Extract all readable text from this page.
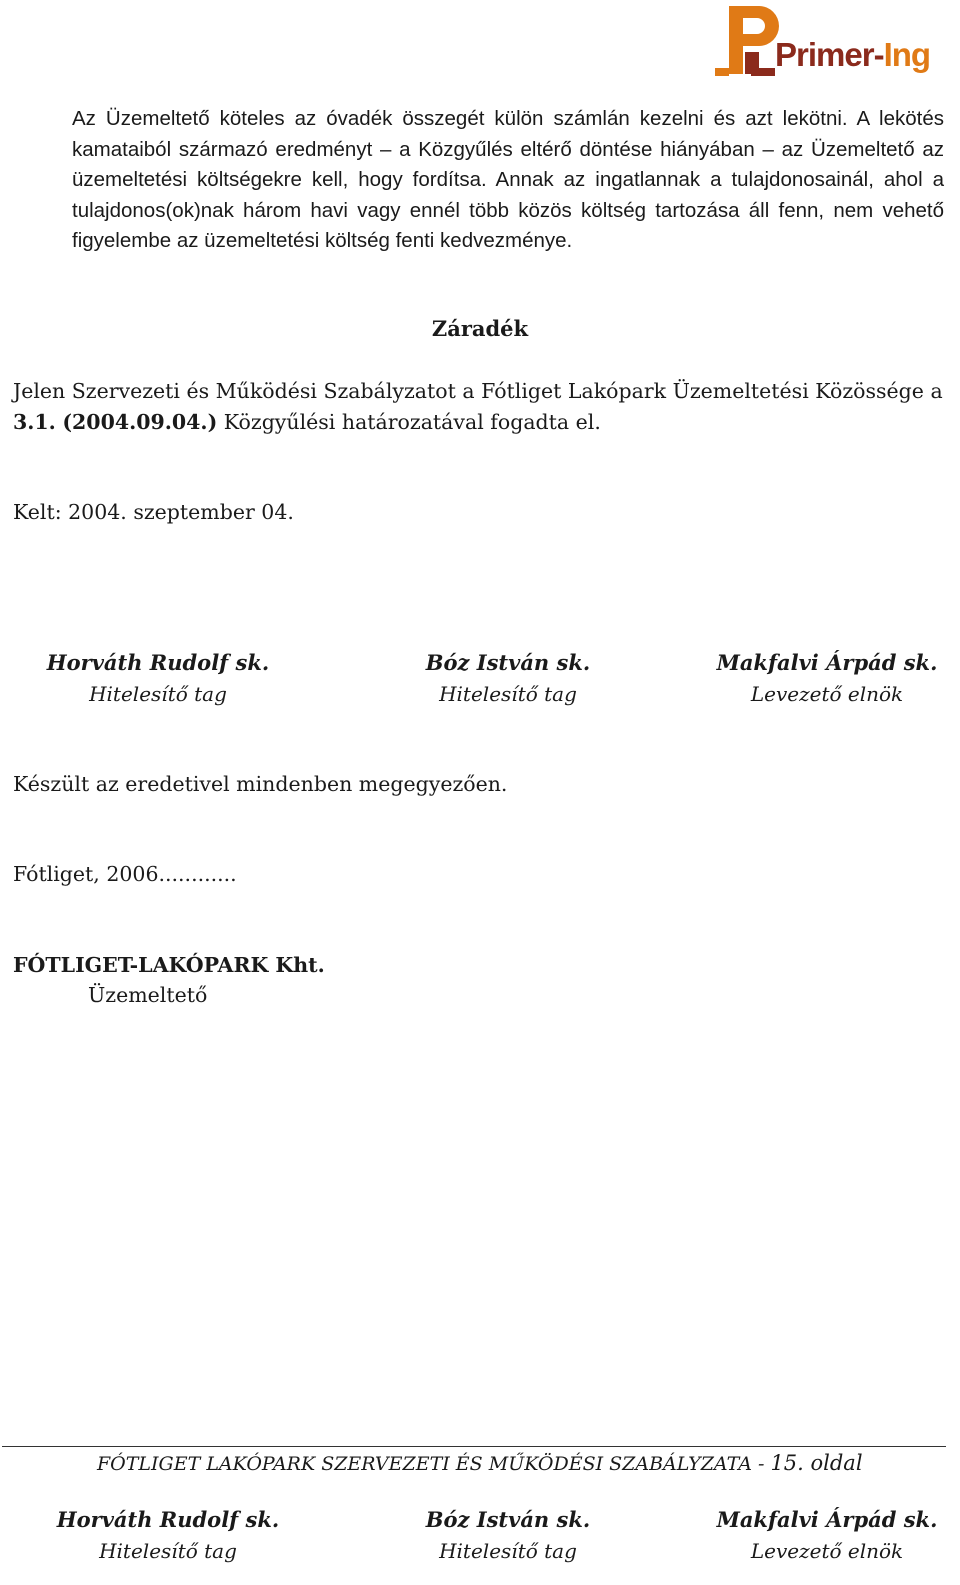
Primer-Ing

Az Üzemeltető köteles az óvadék összegét külön számlán kezelni és azt lekötni. A lekötés kamataiból származó eredményt – a Közgyűlés eltérő döntése hiányában – az Üzemeltető az üzemeltetési költségekre kell, hogy fordítsa. Annak az ingatlannak a tulajdonosainál, ahol a tulajdonos(ok)nak három havi vagy ennél több közös költség tartozása áll fenn, nem vehető figyelembe az üzemeltetési költség fenti kedvezménye.

Záradék

Jelen Szervezeti és Működési Szabályzatot a Fótliget Lakópark Üzemeltetési Közössége a 3.1. (2004.09.04.) Közgyűlési határozatával fogadta el.

Kelt: 2004. szeptember 04.

Horváth Rudolf sk.
Hitelesítő tag
Bóz István sk.
Hitelesítő tag
Makfalvi Árpád sk.
Levezető elnök

Készült az eredetivel mindenben megegyezően.

Fótliget, 2006............

FÓTLIGET-LAKÓPARK Kht.

Üzemeltető

FÓTLIGET LAKÓPARK SZERVEZETI ÉS MŰKÖDÉSI SZABÁLYZATA - 15. oldal
Horváth Rudolf sk.
Hitelesítő tag
Bóz István sk.
Hitelesítő tag
Makfalvi Árpád sk.
Levezető elnök
